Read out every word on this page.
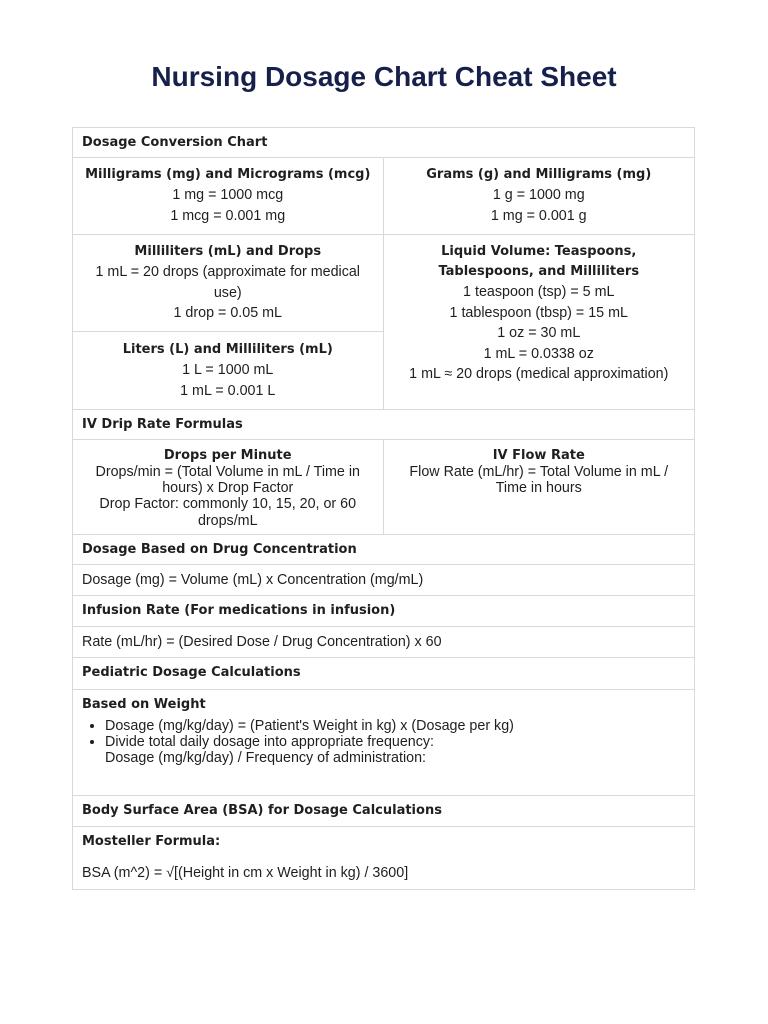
Nursing Dosage Chart Cheat Sheet
Dosage Conversion Chart
Milligrams (mg) and Micrograms (mcg)
1 mg = 1000 mcg
1 mcg = 0.001 mg
Grams (g) and Milligrams (mg)
1 g = 1000 mg
1 mg = 0.001 g
Milliliters (mL) and Drops
1 mL = 20 drops (approximate for medical use)
1 drop = 0.05 mL
Liters (L) and Milliliters (mL)
1 L = 1000 mL
1 mL = 0.001 L
Liquid Volume: Teaspoons, Tablespoons, and Milliliters
1 teaspoon (tsp) = 5 mL
1 tablespoon (tbsp) = 15 mL
1 oz = 30 mL
1 mL = 0.0338 oz
1 mL ≈ 20 drops (medical approximation)
IV Drip Rate Formulas
Drops per Minute
Drops/min = (Total Volume in mL / Time in hours) x Drop Factor
Drop Factor: commonly 10, 15, 20, or 60 drops/mL
IV Flow Rate
Flow Rate (mL/hr) = Total Volume in mL / Time in hours
Dosage Based on Drug Concentration
Dosage (mg) = Volume (mL) x Concentration (mg/mL)
Infusion Rate (For medications in infusion)
Rate (mL/hr) = (Desired Dose / Drug Concentration) x 60
Pediatric Dosage Calculations
Based on Weight
• Dosage (mg/kg/day) = (Patient's Weight in kg) x (Dosage per kg)
• Divide total daily dosage into appropriate frequency:
Dosage (mg/kg/day) / Frequency of administration:
Body Surface Area (BSA) for Dosage Calculations
Mosteller Formula:
BSA (m^2) = √[(Height in cm x Weight in kg) / 3600]
